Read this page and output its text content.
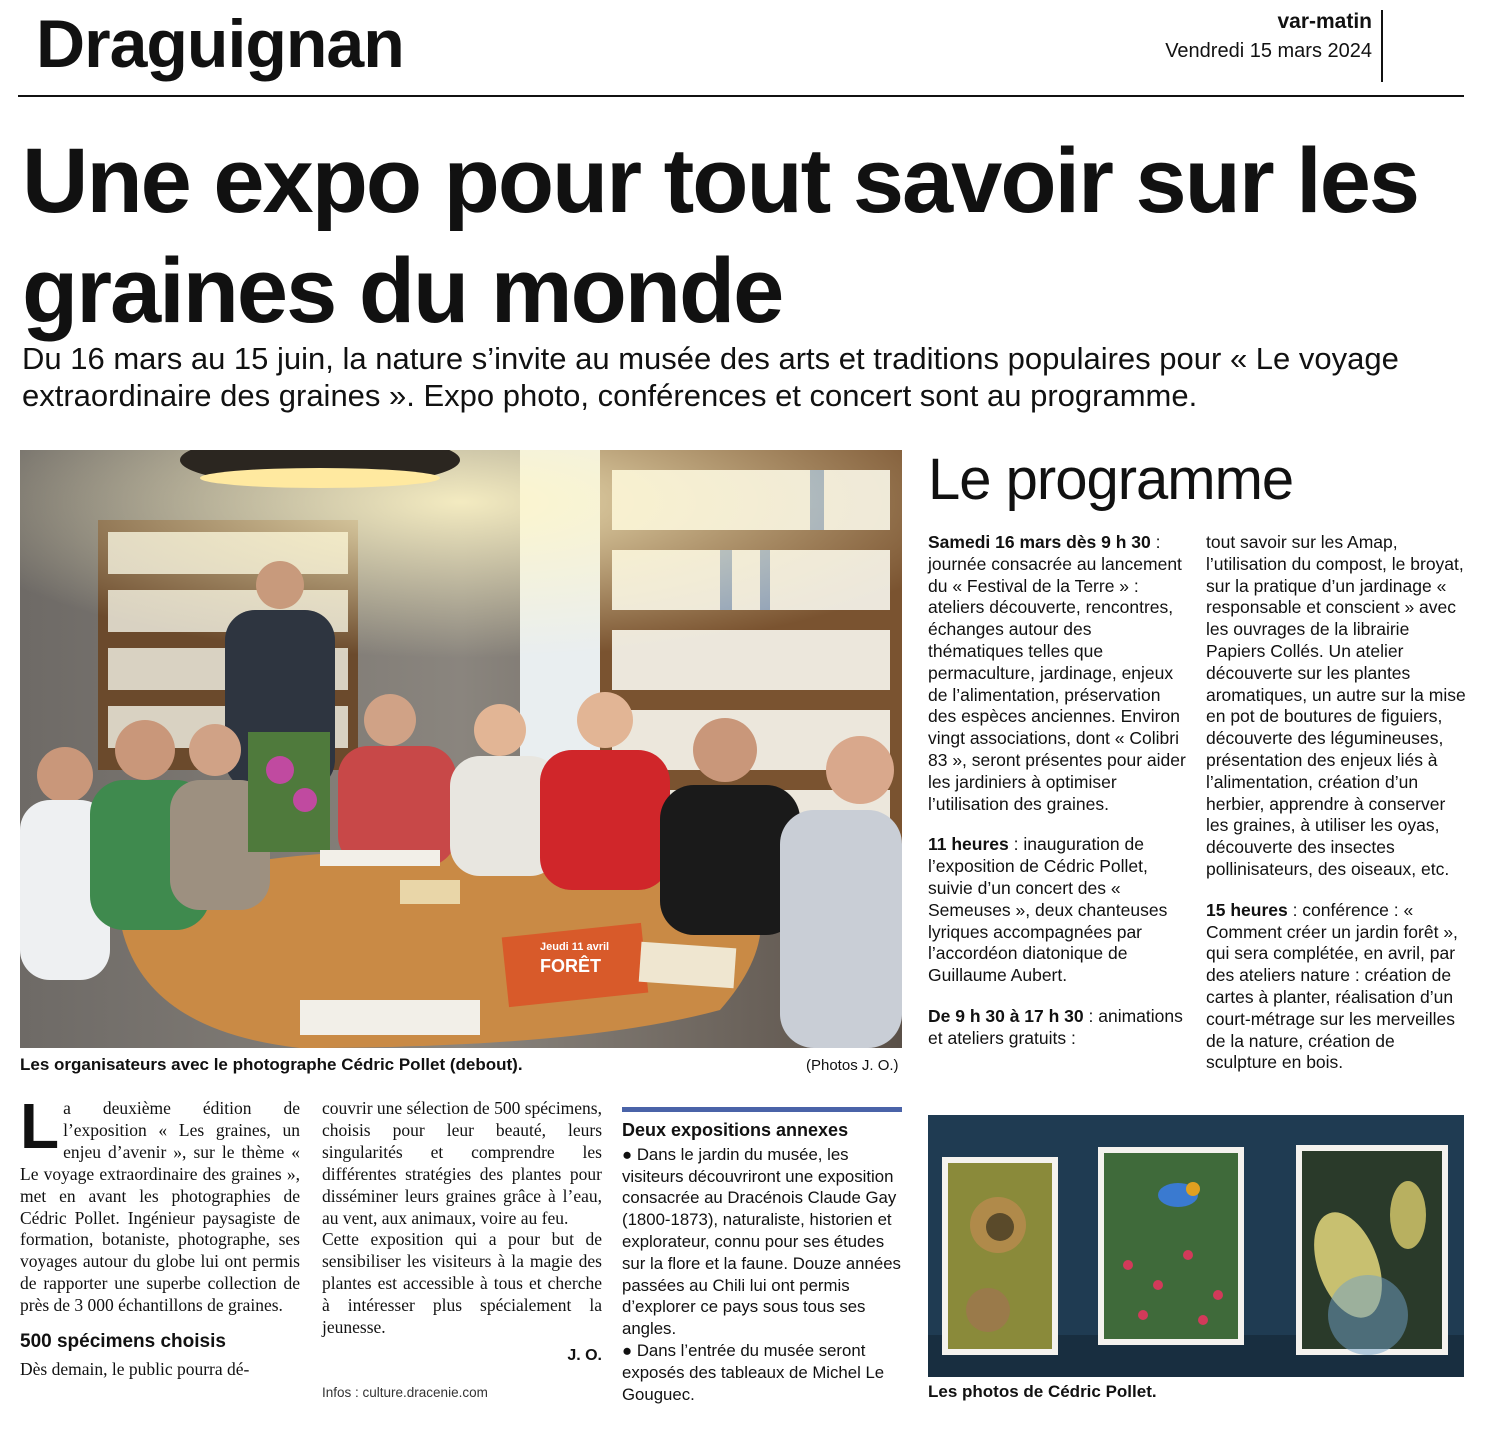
Draguignan	var-matin
Vendredi 15 mars 2024
Une expo pour tout savoir sur les graines du monde
Du 16 mars au 15 juin, la nature s’invite au musée des arts et traditions populaires pour « Le voyage extraordinaire des graines ». Expo photo, conférences et concert sont au programme.
Jeudi 11 avril
FORÊT
Les organisateurs avec le photographe Cédric Pollet (debout).	(Photos J. O.)
Le programme

Samedi 16 mars dès 9 h 30 : journée consacrée au lancement du « Festival de la Terre » : ateliers découverte, rencontres, échanges autour des thématiques telles que permaculture, jardinage, enjeux de l’alimentation, préservation des espèces anciennes. Environ vingt associations, dont « Colibri 83 », seront présentes pour aider les jardiniers à optimiser l’utilisation des graines.

11 heures : inauguration de l’exposition de Cédric Pollet, suivie d’un concert des « Semeuses », deux chanteuses lyriques accompagnées par l’accordéon diatonique de Guillaume Aubert.

De 9 h 30 à 17 h 30 : animations et ateliers gratuits :

tout savoir sur les Amap, l’utilisation du compost, le broyat, sur la pratique d’un jardinage « responsable et conscient » avec les ouvrages de la librairie Papiers Collés. Un atelier découverte sur les plantes aromatiques, un autre sur la mise en pot de boutures de figuiers, découverte des légumineuses, présentation des enjeux liés à l’alimentation, création d’un herbier, apprendre à conserver les graines, à utiliser les oyas, découverte des insectes pollinisateurs, des oiseaux, etc.

15 heures : conférence : « Comment créer un jardin forêt », qui sera complétée, en avril, par des ateliers nature : création de cartes à planter, réalisation d’un court-métrage sur les merveilles de la nature, création de sculpture en bois.

La deuxième édition de l’exposition « Les graines, un enjeu d’avenir », sur le thème « Le voyage extraordinaire des graines », met en avant les photographies de Cédric Pollet. Ingénieur paysagiste de formation, botaniste, photographe, ses voyages autour du globe lui ont permis de rapporter une superbe collection de près de 3 000 échantillons de graines.

500 spécimens choisis

Dès demain, le public pourra dé-

couvrir une sélection de 500 spécimens, choisis pour leur beauté, leurs singularités et comprendre les différentes stratégies des plantes pour disséminer leurs graines grâce à l’eau, au vent, aux animaux, voire au feu.

Cette exposition qui a pour but de sensibiliser les visiteurs à la magie des plantes est accessible à tous et cherche à intéresser plus spécialement la jeunesse.

J. O.

Infos : culture.dracenie.com
Deux expositions annexes

● Dans le jardin du musée, les visiteurs découvriront une exposition consacrée au Dracénois Claude Gay (1800-1873), naturaliste, historien et explorateur, connu pour ses études sur la flore et la faune. Douze années passées au Chili lui ont permis d’explorer ce pays sous tous ses angles.

● Dans l’entrée du musée seront exposés des tableaux de Michel Le Gouguec.	Les photos de Cédric Pollet.
